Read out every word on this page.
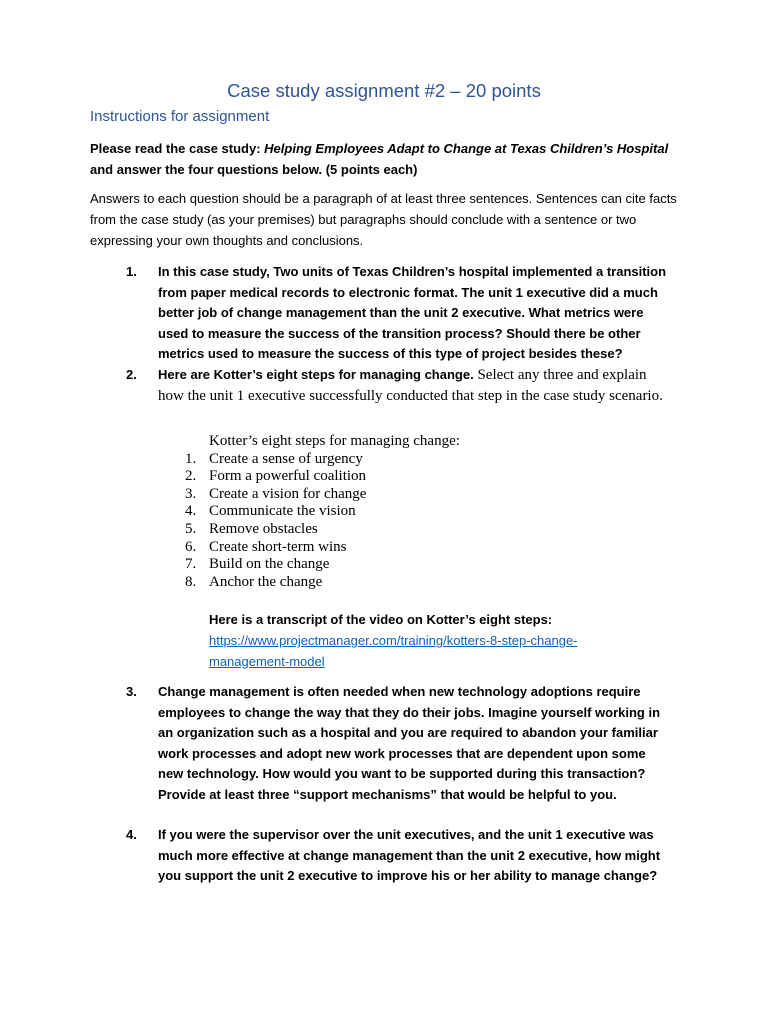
Case study assignment #2 – 20 points
Instructions for assignment
Please read the case study: Helping Employees Adapt to Change at Texas Children’s Hospital
and answer the four questions below. (5 points each)
Answers to each question should be a paragraph of at least three sentences. Sentences can cite facts from the case study (as your premises) but paragraphs should conclude with a sentence or two expressing your own thoughts and conclusions.
1.	In this case study, Two units of Texas Children’s hospital implemented a transition from paper medical records to electronic format. The unit 1 executive did a much better job of change management than the unit 2 executive. What metrics were used to measure the success of the transition process? Should there be other metrics used to measure the success of this type of project besides these?
2.	Here are Kotter’s eight steps for managing change. Select any three and explain how the unit 1 executive successfully conducted that step in the case study scenario.
Kotter’s eight steps for managing change:
1. Create a sense of urgency
2. Form a powerful coalition
3. Create a vision for change
4. Communicate the vision
5. Remove obstacles
6. Create short-term wins
7. Build on the change
8. Anchor the change
Here is a transcript of the video on Kotter’s eight steps:
https://www.projectmanager.com/training/kotters-8-step-change-
management-model
3.	Change management is often needed when new technology adoptions require employees to change the way that they do their jobs. Imagine yourself working in an organization such as a hospital and you are required to abandon your familiar work processes and adopt new work processes that are dependent upon some new technology. How would you want to be supported during this transaction? Provide at least three “support mechanisms” that would be helpful to you.
4.	If you were the supervisor over the unit executives, and the unit 1 executive was much more effective at change management than the unit 2 executive, how might you support the unit 2 executive to improve his or her ability to manage change?
